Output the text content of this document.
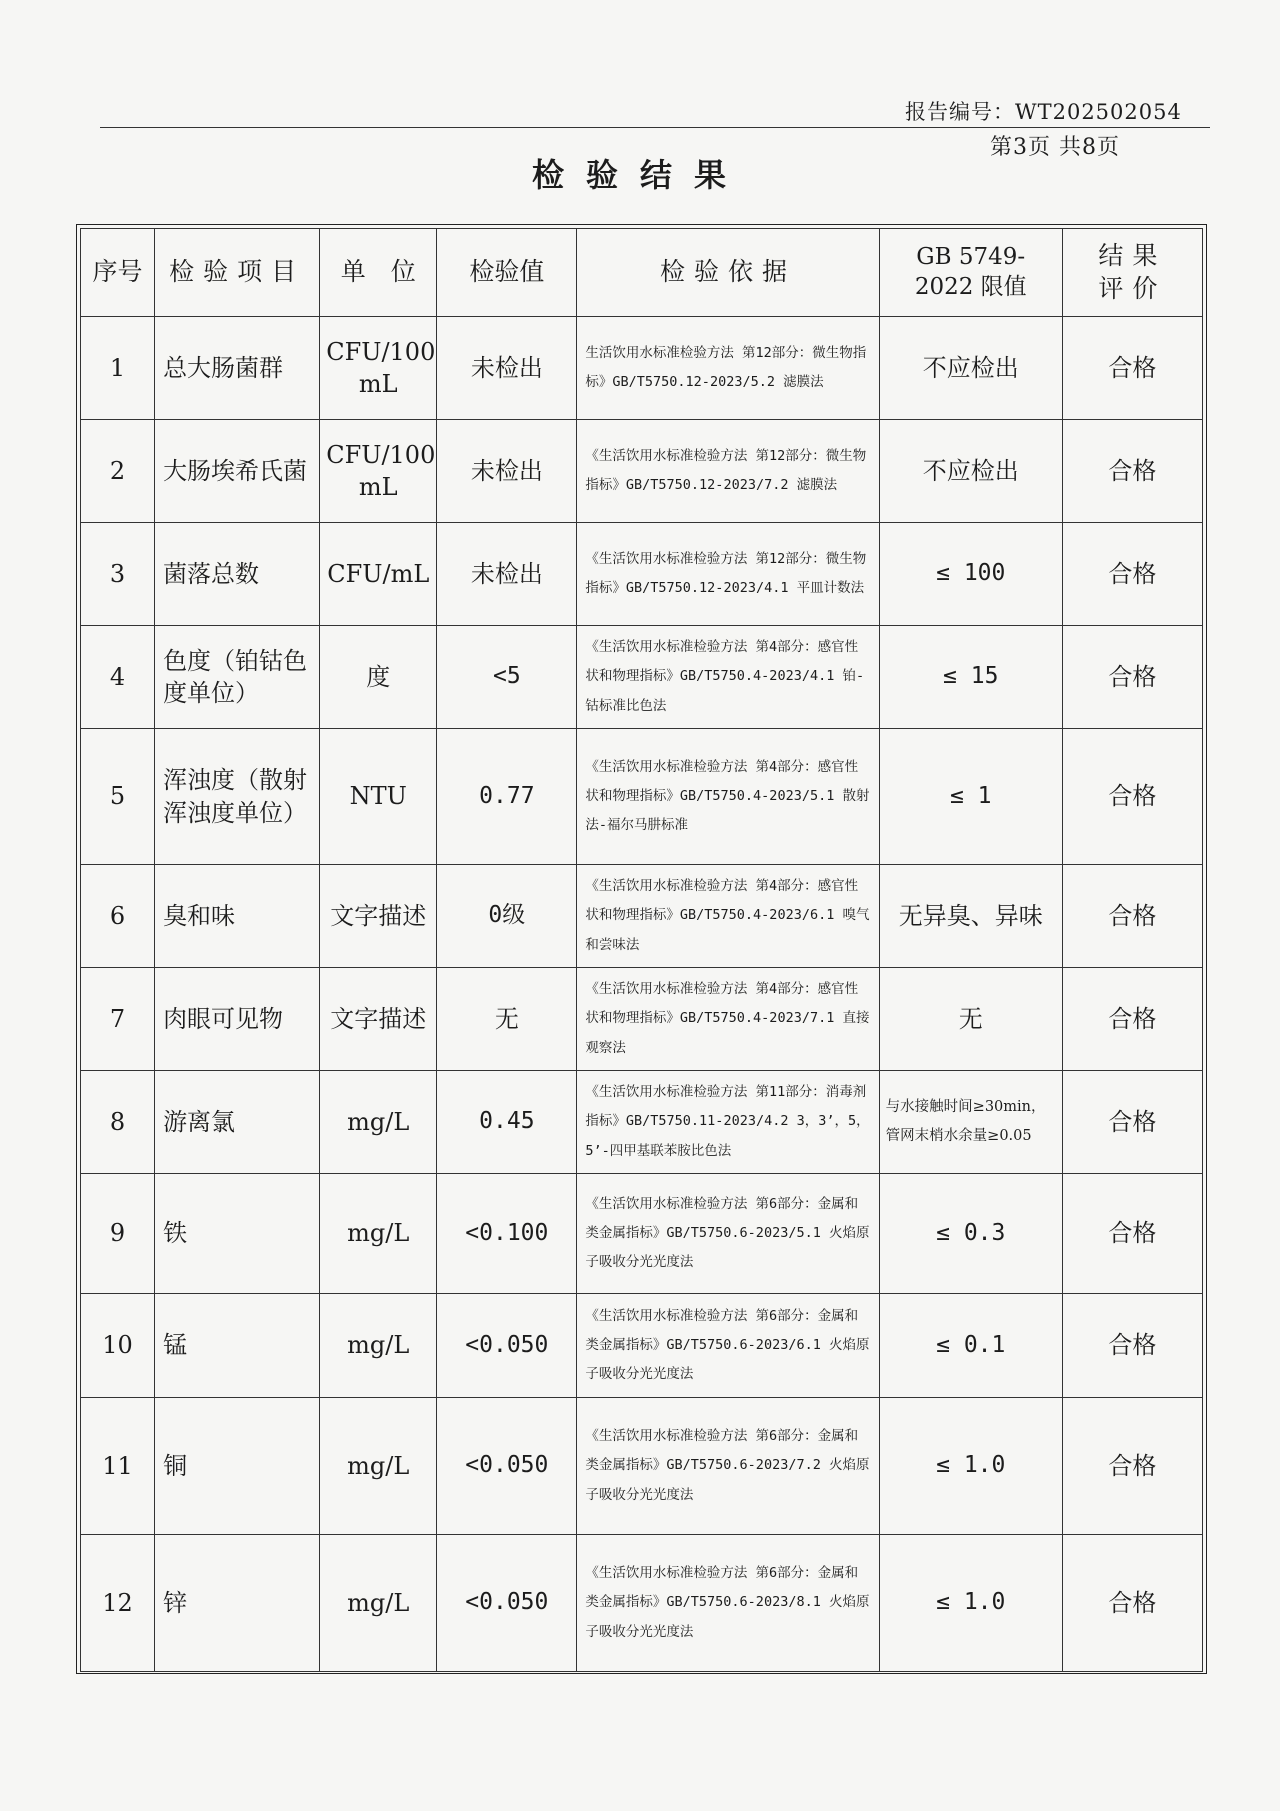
报告编号：WT202502054
第3页 共8页
检验结果
序号	检验项目	单　位	检验值	检验依据	GB 5749-2022 限值	结果评价
1	总大肠菌群	CFU/100 mL	未检出	生活饮用水标准检验方法 第12部分：微生物指标》GB/T5750.12-2023/5.2 滤膜法	不应检出	合格
2	大肠埃希氏菌	CFU/100 mL	未检出	《生活饮用水标准检验方法 第12部分：微生物指标》GB/T5750.12-2023/7.2 滤膜法	不应检出	合格
3	菌落总数	CFU/mL	未检出	《生活饮用水标准检验方法 第12部分：微生物指标》GB/T5750.12-2023/4.1 平皿计数法	≤ 100	合格
4	色度（铂钴色度单位）	度	<5	《生活饮用水标准检验方法 第4部分：感官性状和物理指标》GB/T5750.4-2023/4.1 铂-钴标准比色法	≤ 15	合格
5	浑浊度（散射浑浊度单位）	NTU	0.77	《生活饮用水标准检验方法 第4部分：感官性状和物理指标》GB/T5750.4-2023/5.1 散射法-福尔马肼标准	≤ 1	合格
6	臭和味	文字描述	0级	《生活饮用水标准检验方法 第4部分：感官性状和物理指标》GB/T5750.4-2023/6.1 嗅气和尝味法	无异臭、异味	合格
7	肉眼可见物	文字描述	无	《生活饮用水标准检验方法 第4部分：感官性状和物理指标》GB/T5750.4-2023/7.1 直接观察法	无	合格
8	游离氯	mg/L	0.45	《生活饮用水标准检验方法 第11部分：消毒剂指标》GB/T5750.11-2023/4.2 3，3’，5，5’-四甲基联苯胺比色法	与水接触时间≥30min，管网末梢水余量≥0.05	合格
9	铁	mg/L	<0.100	《生活饮用水标准检验方法 第6部分：金属和类金属指标》GB/T5750.6-2023/5.1 火焰原子吸收分光光度法	≤ 0.3	合格
10	锰	mg/L	<0.050	《生活饮用水标准检验方法 第6部分：金属和类金属指标》GB/T5750.6-2023/6.1 火焰原子吸收分光光度法	≤ 0.1	合格
11	铜	mg/L	<0.050	《生活饮用水标准检验方法 第6部分：金属和类金属指标》GB/T5750.6-2023/7.2 火焰原子吸收分光光度法	≤ 1.0	合格
12	锌	mg/L	<0.050	《生活饮用水标准检验方法 第6部分：金属和类金属指标》GB/T5750.6-2023/8.1 火焰原子吸收分光光度法	≤ 1.0	合格
